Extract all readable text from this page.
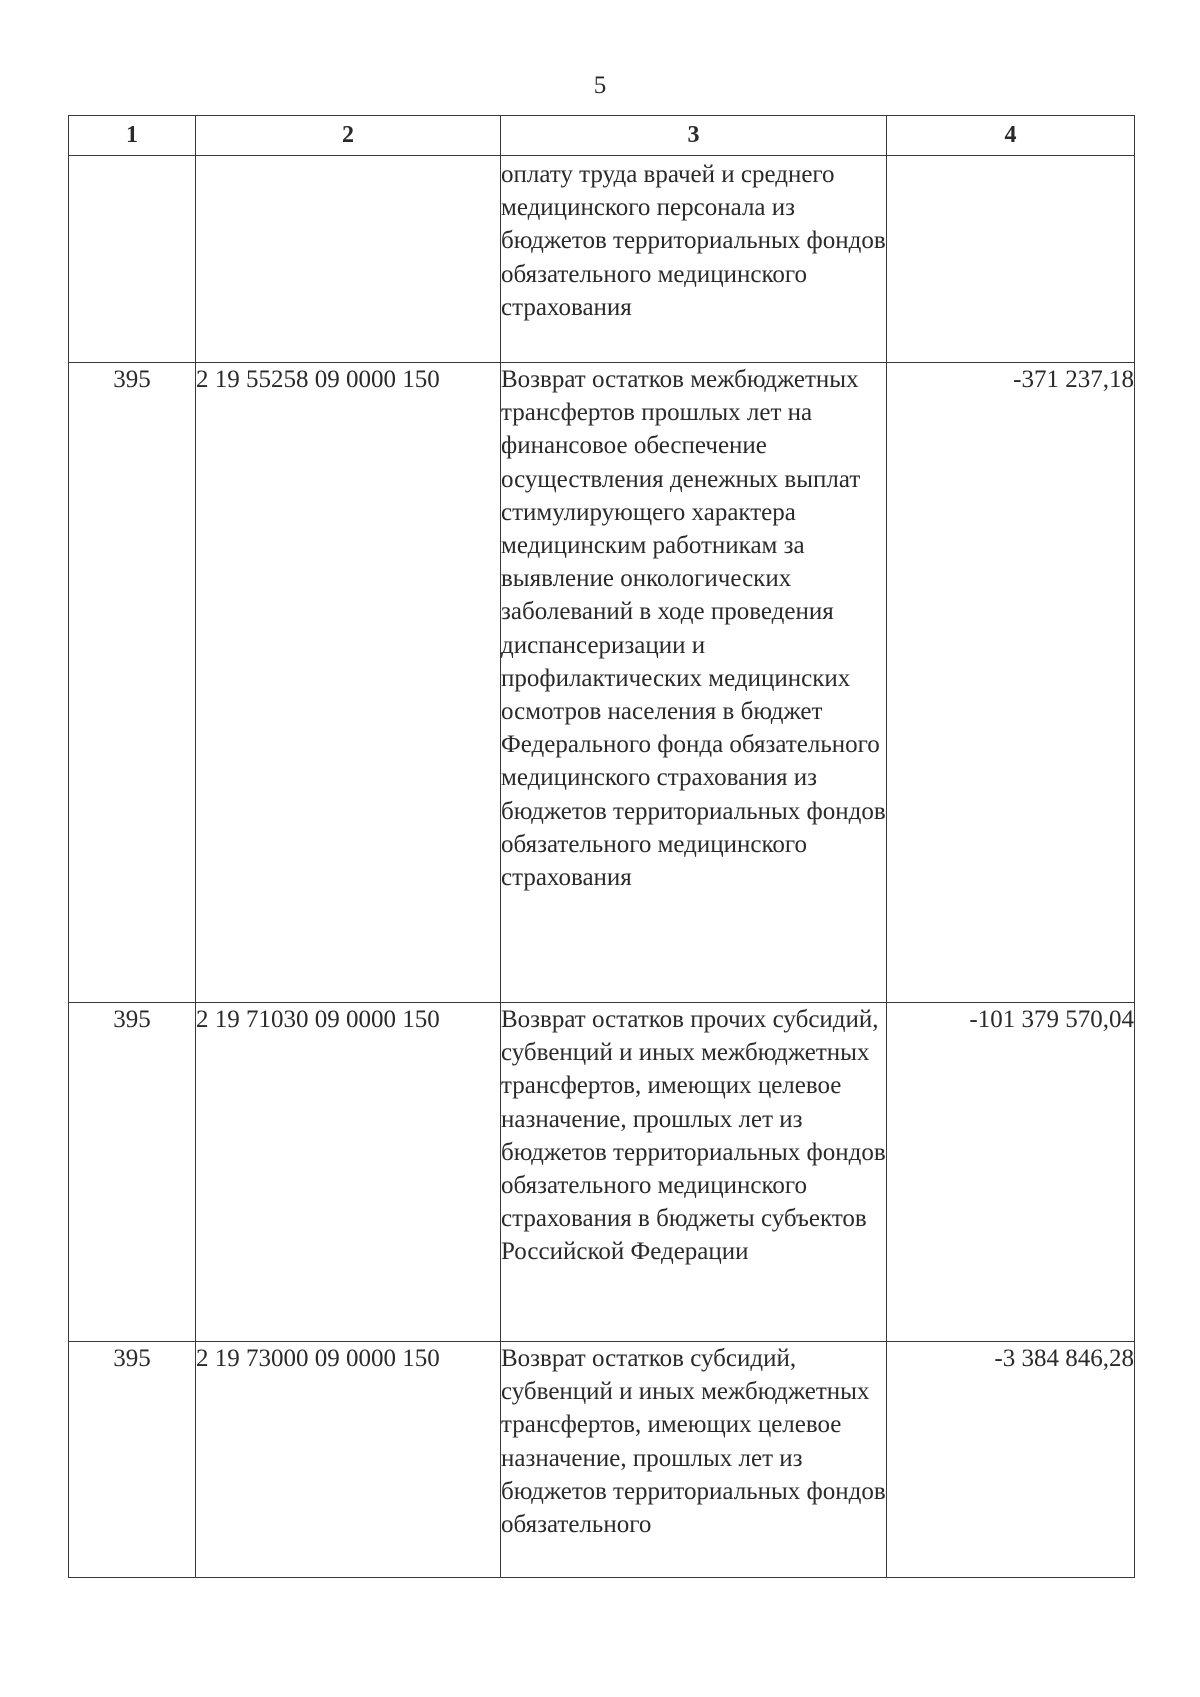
5
1	2	3	4
		оплату труда врачей и среднего медицинского персонала из бюджетов территориальных фондов обязательного медицинского страхования	
395	2 19 55258 09 0000 150	Возврат остатков межбюджетных трансфертов прошлых лет на финансовое обеспечение осуществления денежных выплат стимулирующего характера медицинским работникам за выявление онкологических заболеваний в ходе проведения диспансеризации и профилактических медицинских осмотров населения в бюджет Федерального фонда обязательного медицинского страхования из бюджетов территориальных фондов обязательного медицинского страхования	-371 237,18
395	2 19 71030 09 0000 150	Возврат остатков прочих субсидий, субвенций и иных межбюджетных трансфертов, имеющих целевое назначение, прошлых лет из бюджетов территориальных фондов обязательного медицинского страхования в бюджеты субъектов Российской Федерации	-101 379 570,04
395	2 19 73000 09 0000 150	Возврат остатков субсидий, субвенций и иных межбюджетных трансфертов, имеющих целевое назначение, прошлых лет из бюджетов территориальных фондов обязательного	-3 384 846,28
